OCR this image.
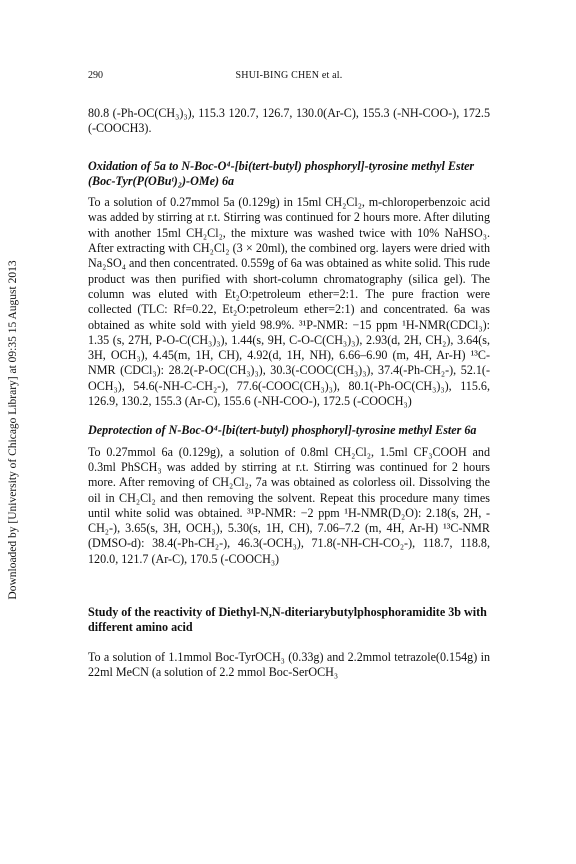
Downloaded by [University of Chicago Library] at 09:35 15 August 2013
290	SHUI-BING CHEN et al.

80.8 (-Ph-OC(CH₃)₃), 115.3 120.7, 126.7, 130.0(Ar-C), 155.3 (-NH-COO-), 172.5 (-COOCH3).

Oxidation of 5a to N-Boc-O⁴-[bi(tert-butyl) phosphoryl]-tyrosine methyl Ester (Boc-Tyr(P(OBuᵗ)₂)-OMe) 6a

To a solution of 0.27mmol 5a (0.129g) in 15ml CH₂Cl₂, m-chloroperbenzoic acid was added by stirring at r.t. Stirring was continued for 2 hours more. After diluting with another 15ml CH₂Cl₂, the mixture was washed twice with 10% NaHSO₃. After extracting with CH₂Cl₂ (3 × 20ml), the combined org. layers were dried with Na₂SO₄ and then concentrated. 0.559g of 6a was obtained as white solid. This rude product was then purified with short-column chromatography (silica gel). The column was eluted with Et₂O:petroleum ether=2:1. The pure fraction were collected (TLC: Rf=0.22, Et₂O:petroleum ether=2:1) and concentrated. 6a was obtained as white sold with yield 98.9%. ³¹P-NMR: −15 ppm ¹H-NMR(CDCl₃): 1.35 (s, 27H, P-O-C(CH₃)₃), 1.44(s, 9H, C-O-C(CH₃)₃), 2.93(d, 2H, CH₂), 3.64(s, 3H, OCH₃), 4.45(m, 1H, CH), 4.92(d, 1H, NH), 6.66–6.90 (m, 4H, Ar-H) ¹³C-NMR (CDCl₃): 28.2(-P-OC(CH₃)₃), 30.3(-COOC(CH₃)₃), 37.4(-Ph-CH₂-), 52.1(-OCH₃), 54.6(-NH-C-CH₂-), 77.6(-COOC(CH₃)₃), 80.1(-Ph-OC(CH₃)₃), 115.6, 126.9, 130.2, 155.3 (Ar-C), 155.6 (-NH-COO-), 172.5 (-COOCH₃)

Deprotection of N-Boc-O⁴-[bi(tert-butyl) phosphoryl]-tyrosine methyl Ester 6a

To 0.27mmol 6a (0.129g), a solution of 0.8ml CH₂Cl₂, 1.5ml CF₃COOH and 0.3ml PhSCH₃ was added by stirring at r.t. Stirring was continued for 2 hours more. After removing of CH₂Cl₂, 7a was obtained as colorless oil. Dissolving the oil in CH₂Cl₂ and then removing the solvent. Repeat this procedure many times until white solid was obtained. ³¹P-NMR: −2 ppm ¹H-NMR(D₂O): 2.18(s, 2H, -CH₂-), 3.65(s, 3H, OCH₃), 5.30(s, 1H, CH), 7.06–7.2 (m, 4H, Ar-H) ¹³C-NMR (DMSO-d): 38.4(-Ph-CH₂-), 46.3(-OCH₃), 71.8(-NH-CH-CO₂-), 118.7, 118.8, 120.0, 121.7 (Ar-C), 170.5 (-COOCH₃)

Study of the reactivity of Diethyl-N,N-diteriarybutylphosphoramidite 3b with different amino acid

To a solution of 1.1mmol Boc-TyrOCH₃ (0.33g) and 2.2mmol tetrazole(0.154g) in 22ml MeCN (a solution of 2.2 mmol Boc-SerOCH₃
